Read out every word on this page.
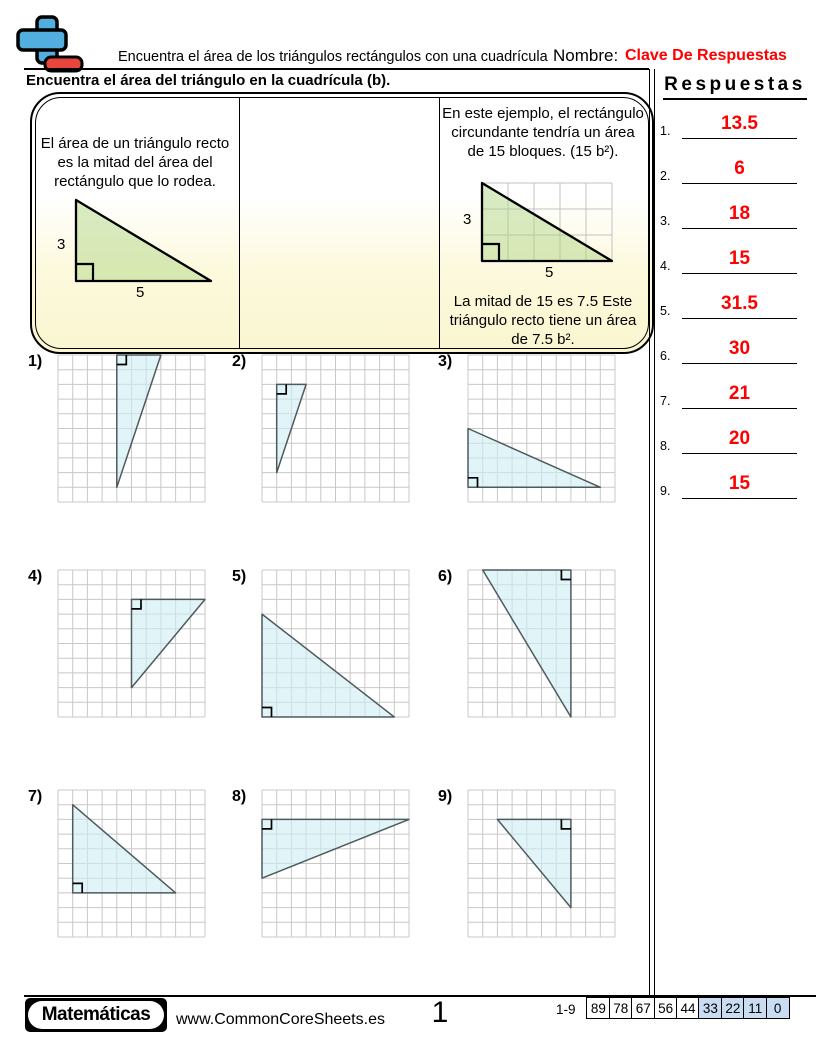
Encuentra el área de los triángulos rectángulos con una cuadrícula Nombre: Clave De Respuestas
Encuentra el área del triángulo en la cuadrícula (b).
El área de un triángulo recto es la mitad del área del rectángulo que lo rodea.
3
5
En este ejemplo, el rectángulo circundante tendría un área de 15 bloques. (15 b²).
3
5
La mitad de 15 es 7.5 Este triángulo recto tiene un área de 7.5 b².
Respuestas
1.	13.5
2.	6
3.	18
4.	15
5.	31.5
6.	30
7.	21
8.	20
9.	15
1)	2)	3)
4)	5)	6)
7)	8)	9)
Matemáticas	www.CommonCoreSheets.es	1	1-9	89 78 67 56 44 33 22 11 0
